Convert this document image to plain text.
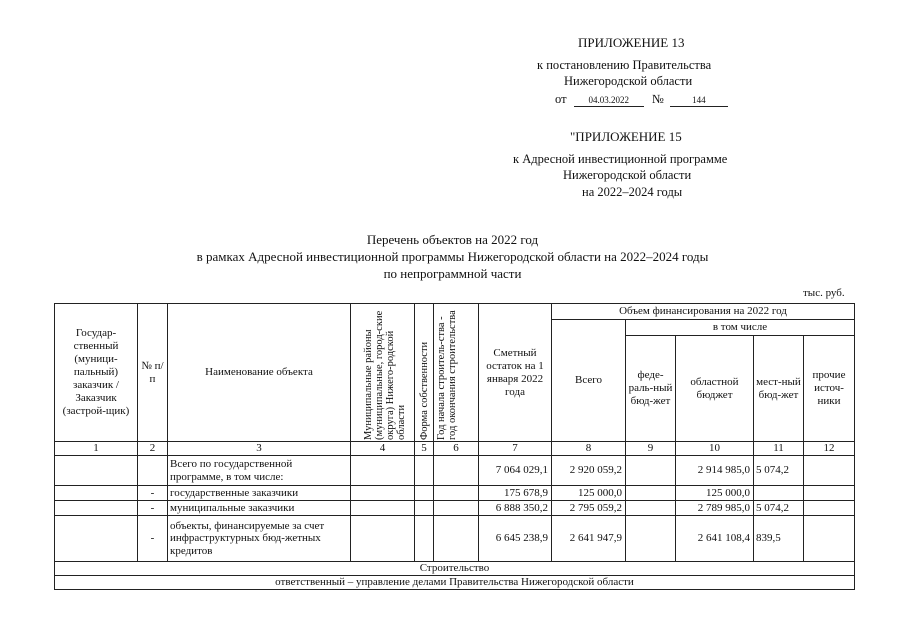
ПРИЛОЖЕНИЕ 13
к постановлению Правительства
Нижегородской области
от 04.03.2022 №	144
"ПРИЛОЖЕНИЕ 15
к Адресной инвестиционной программе
Нижегородской области
на 2022–2024 годы
Перечень объектов на 2022 год
в рамках Адресной инвестиционной программы Нижегородской области на 2022–2024 годы
по непрограммной части
тыс. руб.
Государ-ственный (муници-пальный) заказчик / Заказчик (застрой-щик)	№ п/п	Наименование объекта	Муниципальные районы (муниципальные, город-ские округа) Нижего-родской области	Форма собственности	Год начала строитель-ства - год окончания строительства	Сметный остаток на 1 января 2022 года	Объем финансирования на 2022 год				
							Всего	в том числе			
								феде-раль-ный бюд-жет	областной бюджет	мест-ный бюд-жет	прочие источ-ники
1	2	3	4	5	6	7	8	9	10	11	12
		Всего по государственной программе, в том числе:				7 064 029,1	2 920 059,2		2 914 985,0	5 074,2	
	-	государственные заказчики				175 678,9	125 000,0		125 000,0		
	-	муниципальные заказчики				6 888 350,2	2 795 059,2		2 789 985,0	5 074,2	
	-	объекты, финансируемые за счет инфраструктурных бюд-жетных кредитов				6 645 238,9	2 641 947,9		2 641 108,4	839,5	
Строительство											
ответственный – управление делами Правительства Нижегородской области											
